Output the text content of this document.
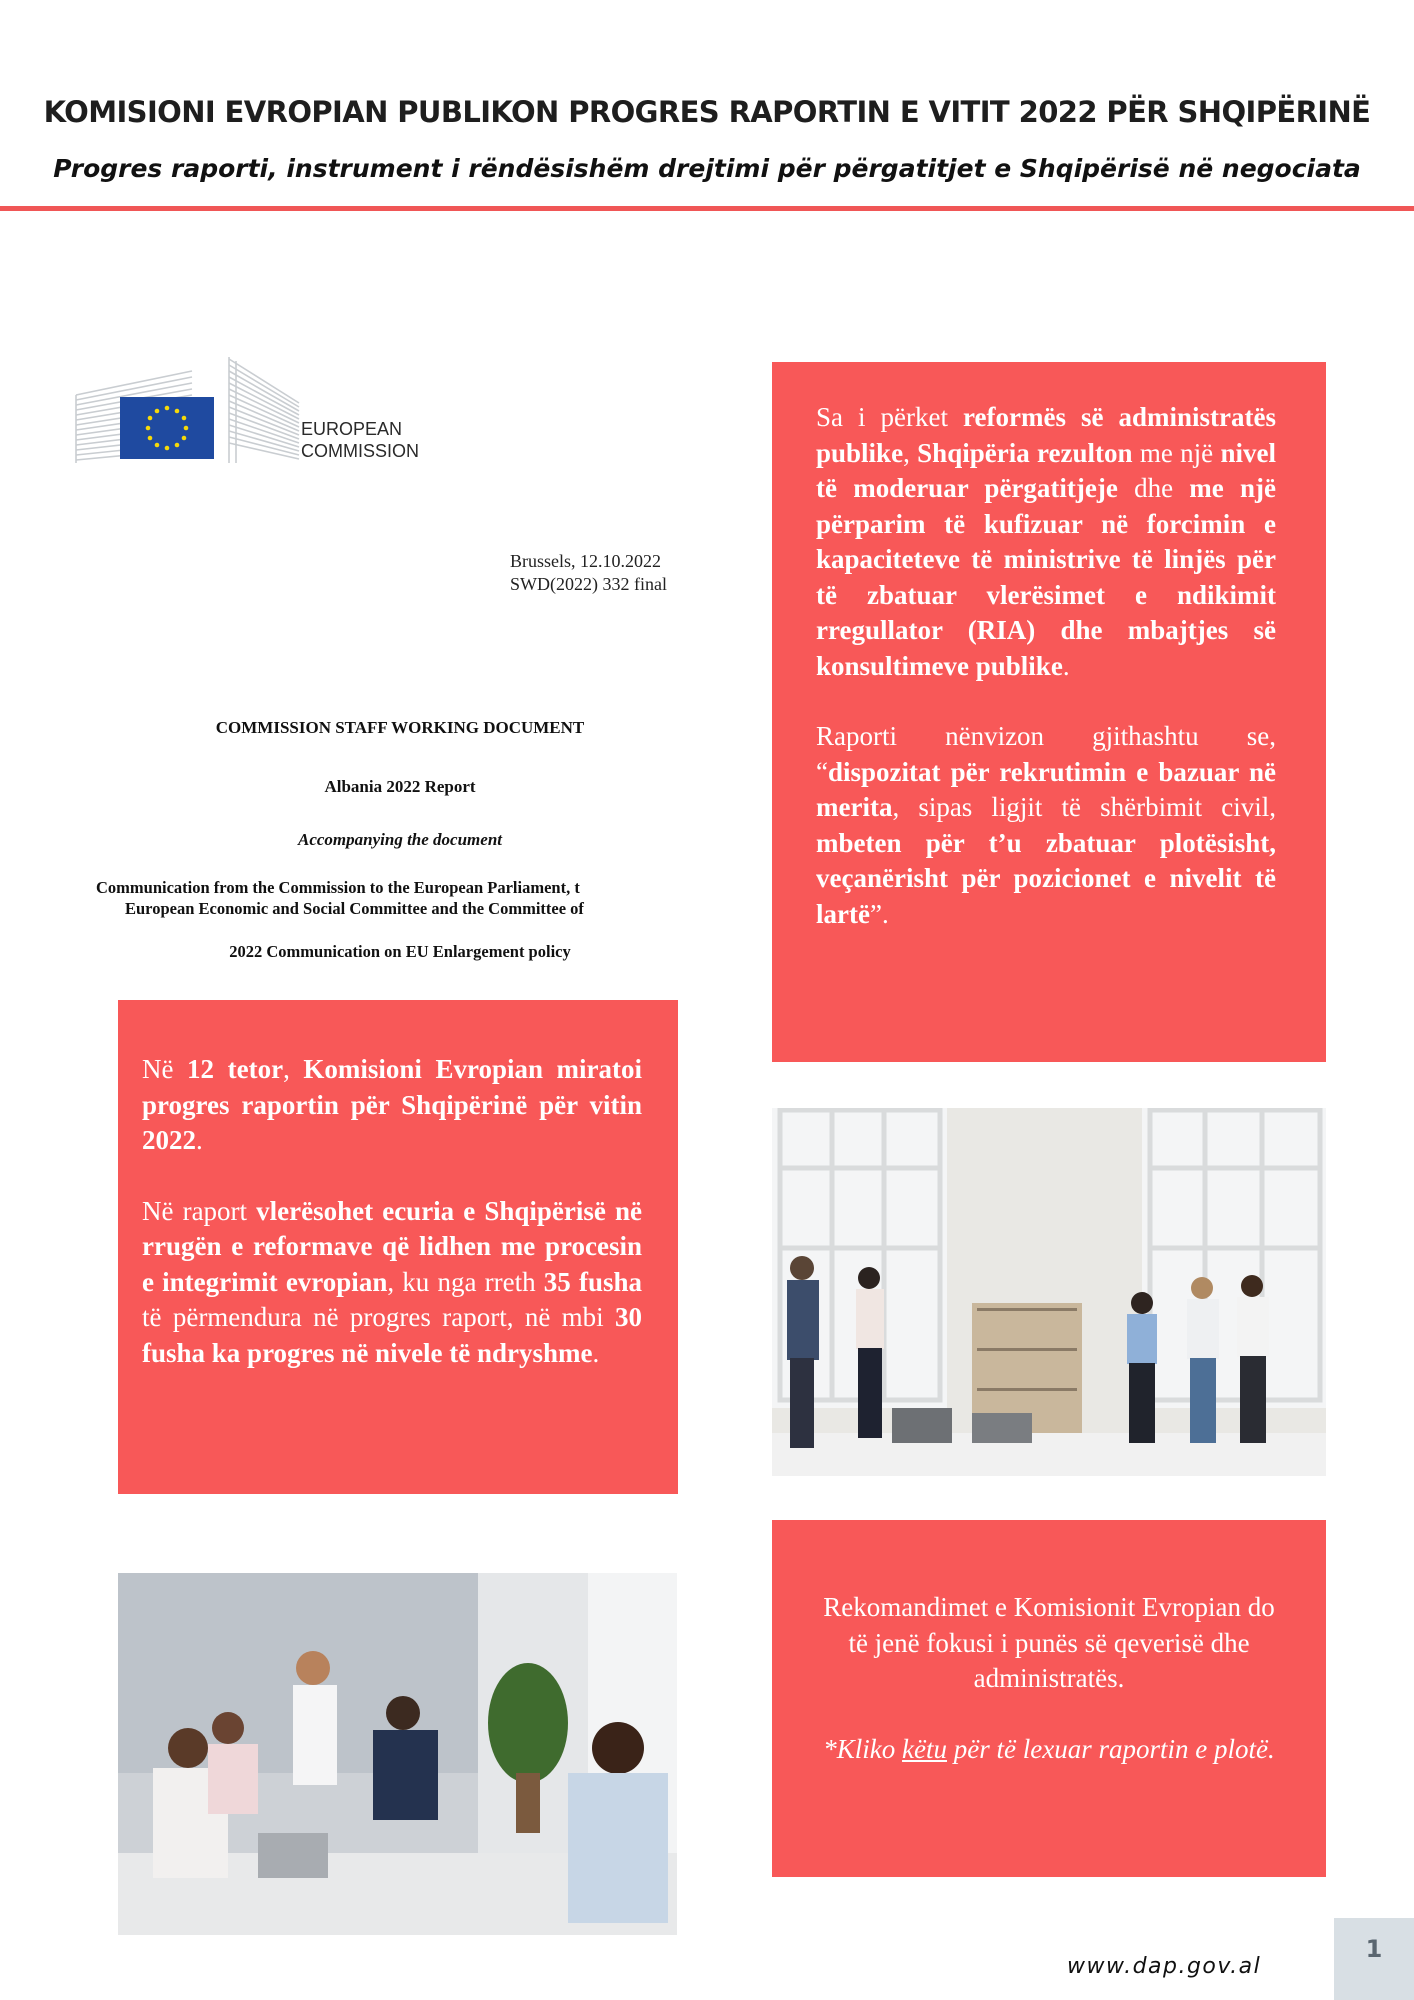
KOMISIONI EVROPIAN PUBLIKON PROGRES RAPORTIN E VITIT 2022 PËR SHQIPËRINË
Progres raporti, instrument i rëndësishëm drejtimi për përgatitjet e Shqipërisë në negociata
EUROPEAN
COMMISSION
Brussels, 12.10.2022
SWD(2022) 332 final
COMMISSION STAFF WORKING DOCUMENT
Albania 2022 Report
Accompanying the document
Communication from the Commission to the European Parliament, t
European Economic and Social Committee and the Committee of
2022 Communication on EU Enlargement policy

Sa i përket reformës së administratës publike, Shqipëria rezulton me një nivel të moderuar përgatitjeje dhe me një përparim të kufizuar në forcimin e kapaciteteve të ministrive të linjës për të zbatuar vlerësimet e ndikimit rregullator (RIA) dhe mbajtjes së konsultimeve publike.

Raporti nënvizon gjithashtu se, “dispozitat për rekrutimin e bazuar në merita, sipas ligjit të shërbimit civil, mbeten për t’u zbatuar plotësisht, veçanërisht për pozicionet e nivelit të lartë”.

Në 12 tetor, Komisioni Evropian miratoi progres raportin për Shqipërinë për vitin 2022.

Në raport vlerësohet ecuria e Shqipërisë në rrugën e reformave që lidhen me procesin e integrimit evropian, ku nga rreth 35 fusha të përmendura në progres raport, në mbi 30 fusha ka progres në nivele të ndryshme.

Rekomandimet e Komisionit Evropian do të jenë fokusi i punës së qeverisë dhe administratës.

*Kliko këtu për të lexuar raportin e plotë.

www.dap.gov.al
1
